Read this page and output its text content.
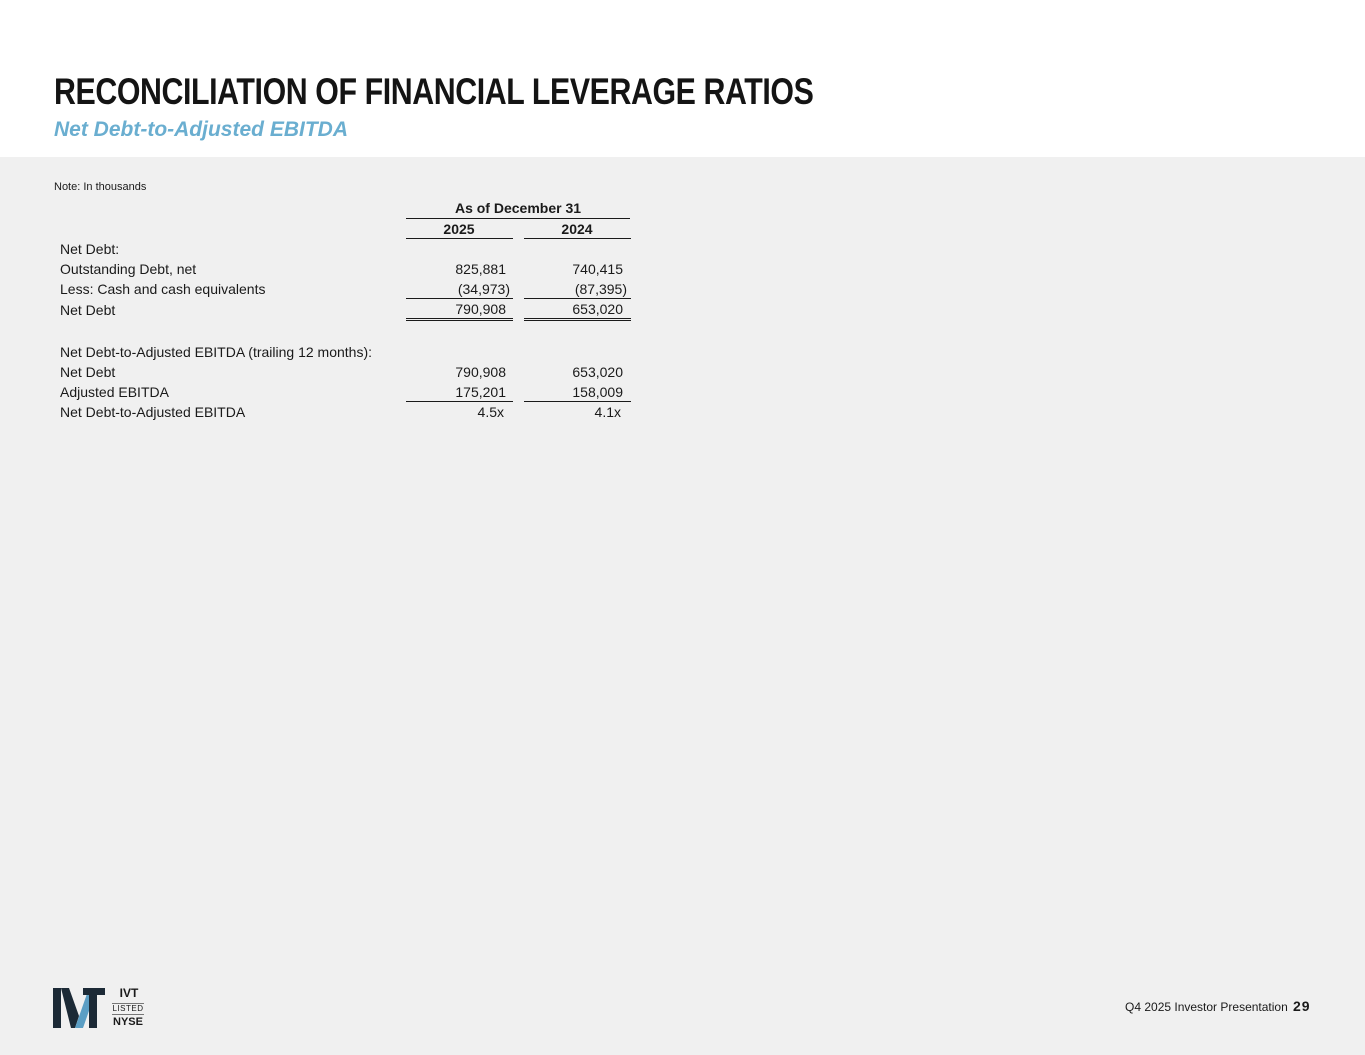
RECONCILIATION OF FINANCIAL LEVERAGE RATIOS
Net Debt-to-Adjusted EBITDA
Note: In thousands
As of December 31
2025	2024
Net Debt:
Outstanding Debt, net	825,881	740,415
Less: Cash and cash equivalents	(34,973)	(87,395)
Net Debt	790,908	653,020
Net Debt-to-Adjusted EBITDA (trailing 12 months):
Net Debt	790,908	653,020
Adjusted EBITDA	175,201	158,009
Net Debt-to-Adjusted EBITDA	4.5x	4.1x
IVT
LISTED
NYSE
Q4 2025 Investor Presentation 29
